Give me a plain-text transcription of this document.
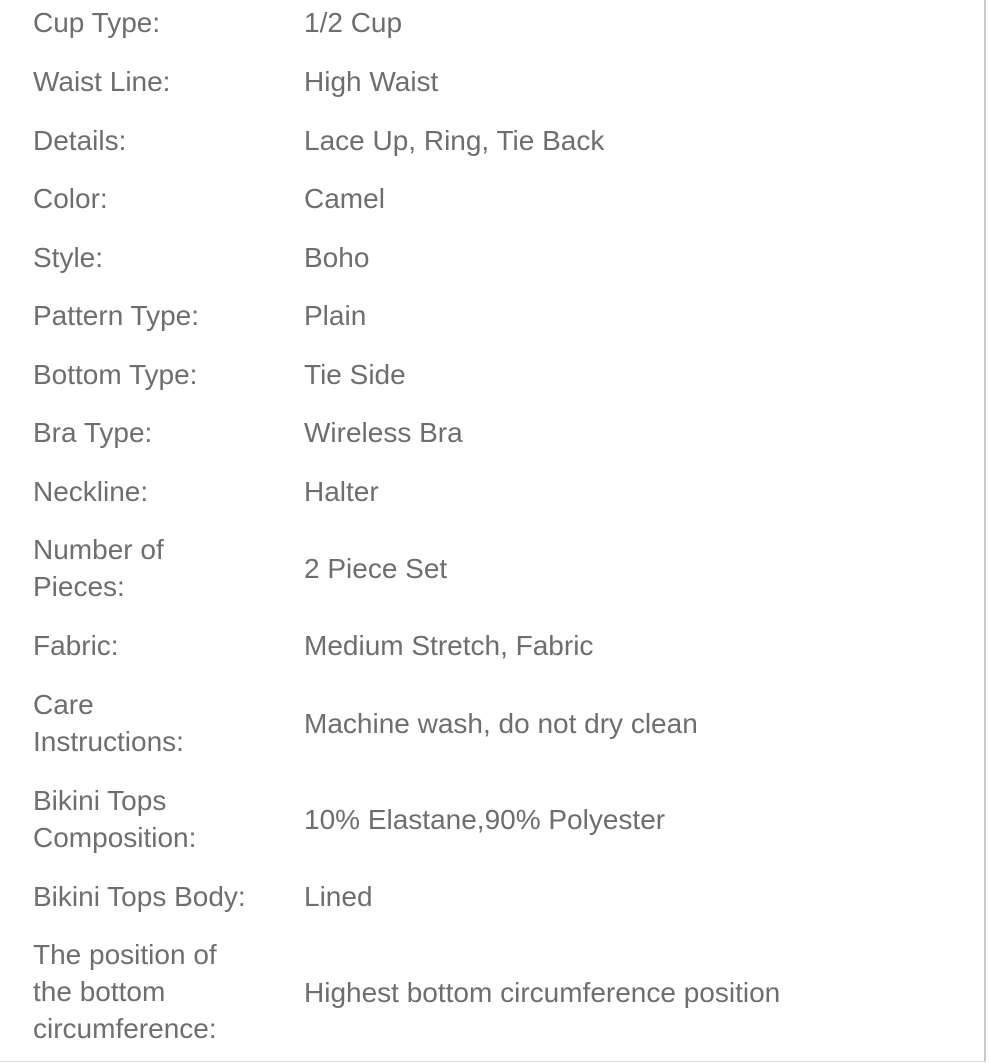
Cup Type:	1/2 Cup
Waist Line:	High Waist
Details:	Lace Up, Ring, Tie Back
Color:	Camel
Style:	Boho
Pattern Type:	Plain
Bottom Type:	Tie Side
Bra Type:	Wireless Bra
Neckline:	Halter
Number of Pieces:
2 Piece Set
Fabric:	Medium Stretch, Fabric
Care Instructions:
Machine wash, do not dry clean
Bikini Tops Composition:
10% Elastane,90% Polyester
Bikini Tops Body:	Lined
The position of the bottom circumference:
Highest bottom circumference position
